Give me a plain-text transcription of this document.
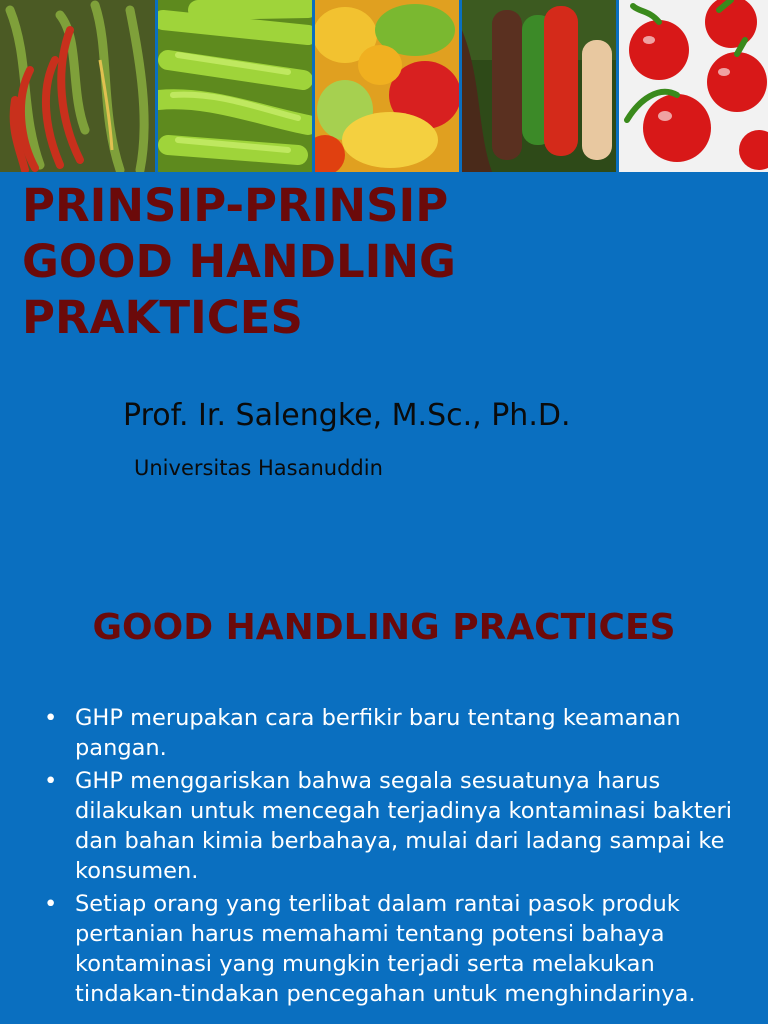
PRINSIP-PRINSIP
GOOD HANDLING
PRAKTICES
Prof. Ir. Salengke, M.Sc., Ph.D.
Universitas Hasanuddin
GOOD HANDLING PRACTICES
• GHP merupakan cara berfikir baru tentang keamanan pangan.
• GHP menggariskan bahwa segala sesuatunya harus dilakukan untuk mencegah terjadinya kontaminasi bakteri dan bahan kimia berbahaya, mulai dari ladang sampai ke konsumen.
• Setiap orang yang terlibat dalam rantai pasok produk pertanian harus memahami tentang potensi bahaya kontaminasi yang mungkin terjadi serta melakukan tindakan-tindakan pencegahan untuk menghindarinya.
